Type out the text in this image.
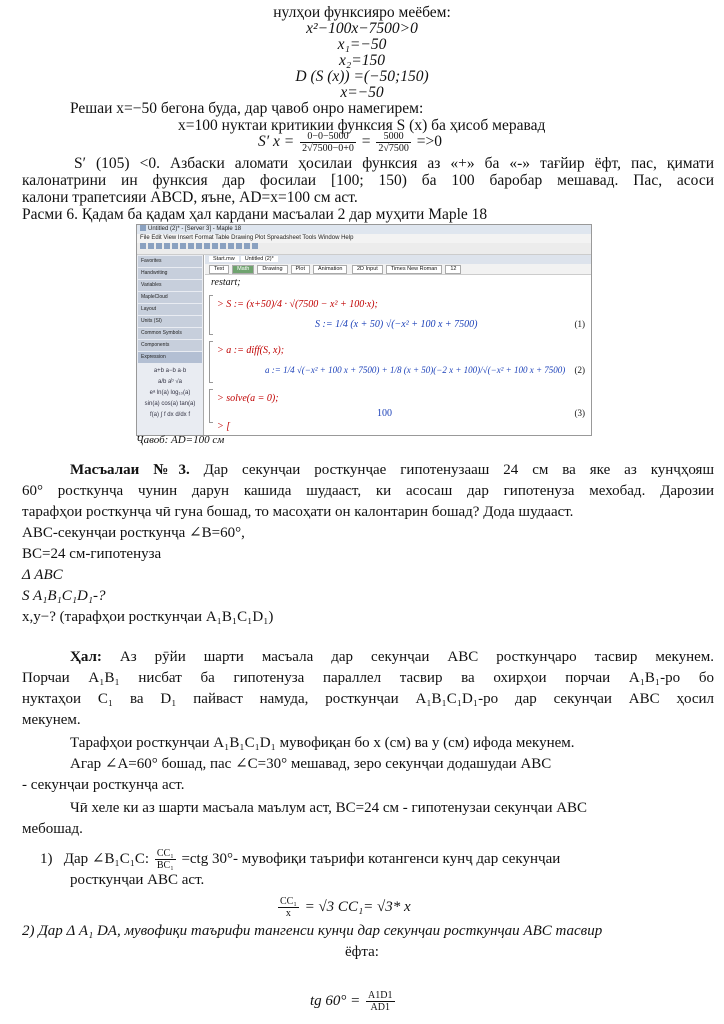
нулҳои функсияро меёбем:
x²−100x−7500>0
x₁=−50
x₂=150
D (S (x)) =(−50;150)
x=−50
Решаи x=−50 бегона буда, дар ҷавоб онро намегирем:
x=100 нуктаи критикии функсия S (x) ба ҳисоб меравад
S′ $x = \frac{0-0-5000}{2√7500-0+0} = \frac{5000}{2√7500} =>0$
S′ (105) <0. Азбаски аломати ҳосилаи функсия аз «+» ба «-» тағйир ёфт, пас, қимати
калонатрини ин функсия дар фосилаи [100; 150) ба 100 баробар мешавад. Пас, асоси
калони трапетсияи ABCD, яъне, AD=x=100 см аст.
Расми 6. Қадам ба қадам ҳал кардани масъалаи 2 дар муҳити Maple 18
Untitled (2)* - [Server 3] - Maple 18
File Edit View Insert Format Table Drawing Plot Spreadsheet Tools Window Help
Favorites
Handwriting
Variables
MapleCloud
Layout
Units (SI)
Common Symbols
Components
Expression
a+b a−b a·b
a/b aᵇ √a
eᵃ ln(a) log₁₀(a)
sin(a) cos(a) tan(a)
f(a) ∫ f dx d/dx f
Start.mw Untitled (2)*
Text Math Drawing Plot Animation	2D Input Times New Roman 12
restart;
> S := (x+50)/4 · √(7500 − x² + 100·x);
S := 1/4 (x + 50) √(−x² + 100 x + 7500)	(1)
> a := diff(S, x);
a := 1/4 √(−x² + 100 x + 7500) + 1/8 (x + 50)(−2 x + 100)/√(−x² + 100 x + 7500) (2)
> solve(a = 0);
100	(3)
> [
Ҷавоб: AD=100 см
Масъалаи №3. Дар секунҷаи росткунҷае гипотенузааш 24 см ва яке аз кунҷҳояш
60° росткунҷа чунин дарун кашида шудааст, ки асосаш дар гипотенуза мехобад. Дарозии
тарафҳои росткунҷа чӣ гуна бошад, то масоҳати он калонтарин бошад? Дода шудааст.
ABC-секунҷаи росткунҷа ∠B=60°,
BC=24 см-гипотенуза
Δ ABC
S A₁B₁C₁D₁-?
x,y−? (тарафҳои росткунҷаи A₁B₁C₁D₁)
Ҳал: Аз рӯйи шарти масъала дар секунҷаи ABC росткунҷаро тасвир мекунем.
Порчаи A₁B₁ нисбат ба гипотенуза параллел тасвир ва охирҳои порчаи A₁B₁-ро бо
нуктаҳои C₁ ва D₁ пайваст намуда, росткунҷаи A₁B₁C₁D₁-ро дар секунҷаи ABC ҳосил
мекунем.
Тарафҳои росткунҷаи A₁B₁C₁D₁ мувофиқан бо x (см) ва y (см) ифода мекунем.
Агар ∠A=60° бошад, пас ∠C=30° мешавад, зеро секунҷаи додашудаи ABC
- секунҷаи росткунҷа аст.
Чӣ хеле ки аз шарти масъала маълум аст, BC=24 см - гипотенузаи секунҷаи ABC
мебошад.
1) Дар ∠B₁C₁C: $\frac{\text{CC₁}}{\text{BC₁}} =ctg$ 30°- мувофиқи таърифи котангенси кунҷ дар секунҷаи
росткунҷаи ABC аст.
$\frac{\text{CC₁}}{x} = √3$ CC₁= √3* x
2) Дар Δ A₁ DA, мувофиқи таърифи тангенси кунҷи дар секунҷаи росткунҷаи ABC тасвир
ёфта:
tg $60^\circ = \frac{A1D1}{AD1}$
